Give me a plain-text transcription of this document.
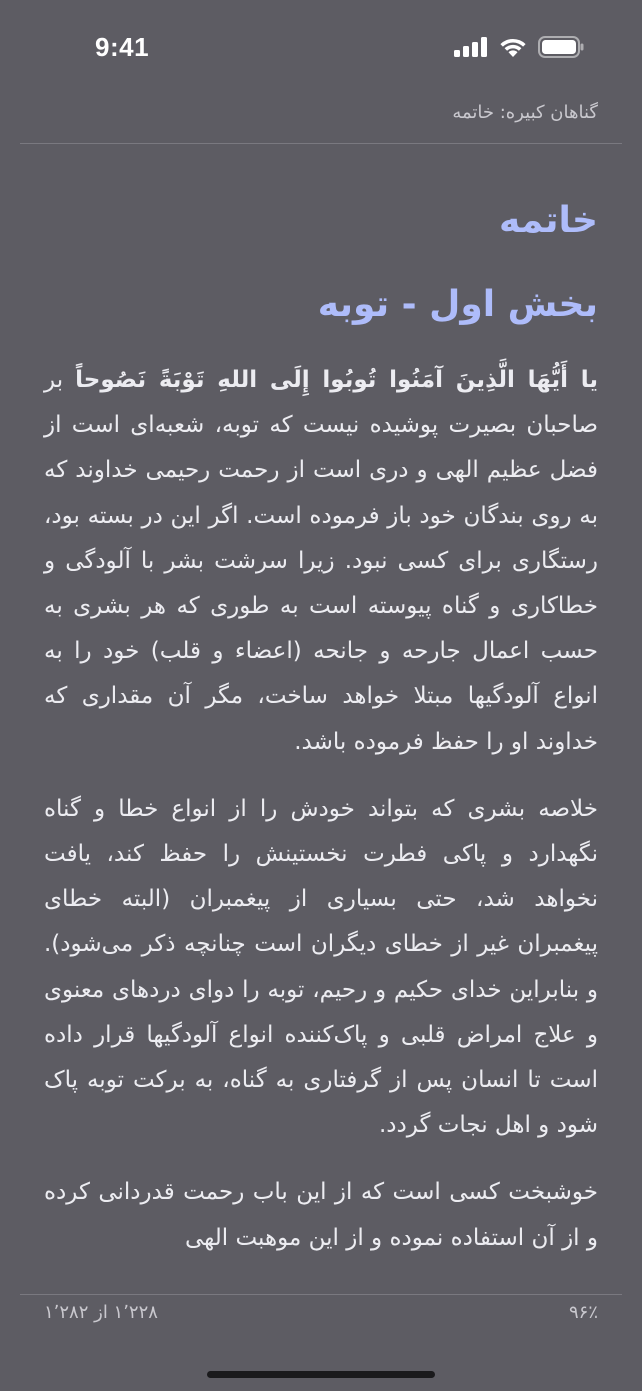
9:41
گناهان کبیره: خاتمه
خاتمه
بخش اول - توبه

یا أَیُّهَا الَّذِینَ آمَنُوا تُوبُوا إِلَی اللهِ تَوْبَةً نَصُوحاً بر صاحبان بصیرت پوشیده نیست که توبه، شعبه‌ای است از فضل عظیم الهی و دری است از رحمت رحیمی خداوند که به روی بندگان خود باز فرموده است. اگر این در بسته بود، رستگاری برای کسی نبود. زیرا سرشت بشر با آلودگی و خطاکاری و گناه پیوسته است به طوری که هر بشری به حسب اعمال جارحه و جانحه (اعضاء و قلب) خود را به انواع آلودگیها مبتلا خواهد ساخت، مگر آن مقداری که خداوند او را حفظ فرموده باشد.

خلاصه بشری که بتواند خودش را از انواع خطا و گناه نگهدارد و پاکی فطرت نخستینش را حفظ کند، یافت نخواهد شد، حتی بسیاری از پیغمبران (البته خطای پیغمبران غیر از خطای دیگران است چنانچه ذکر می‌شود). و بنابراین خدای حکیم و رحیم، توبه را دوای دردهای معنوی و علاج امراض قلبی و پاک‌کننده انواع آلودگیها قرار داده است تا انسان پس از گرفتاری به گناه، به برکت توبه پاک شود و اهل نجات گردد.

خوشبخت کسی است که از این باب رحمت قدردانی کرده و از آن استفاده نموده و از این موهبت الهی

۱٬۲۲۸ از ۱٬۲۸۲	۹۶٪
